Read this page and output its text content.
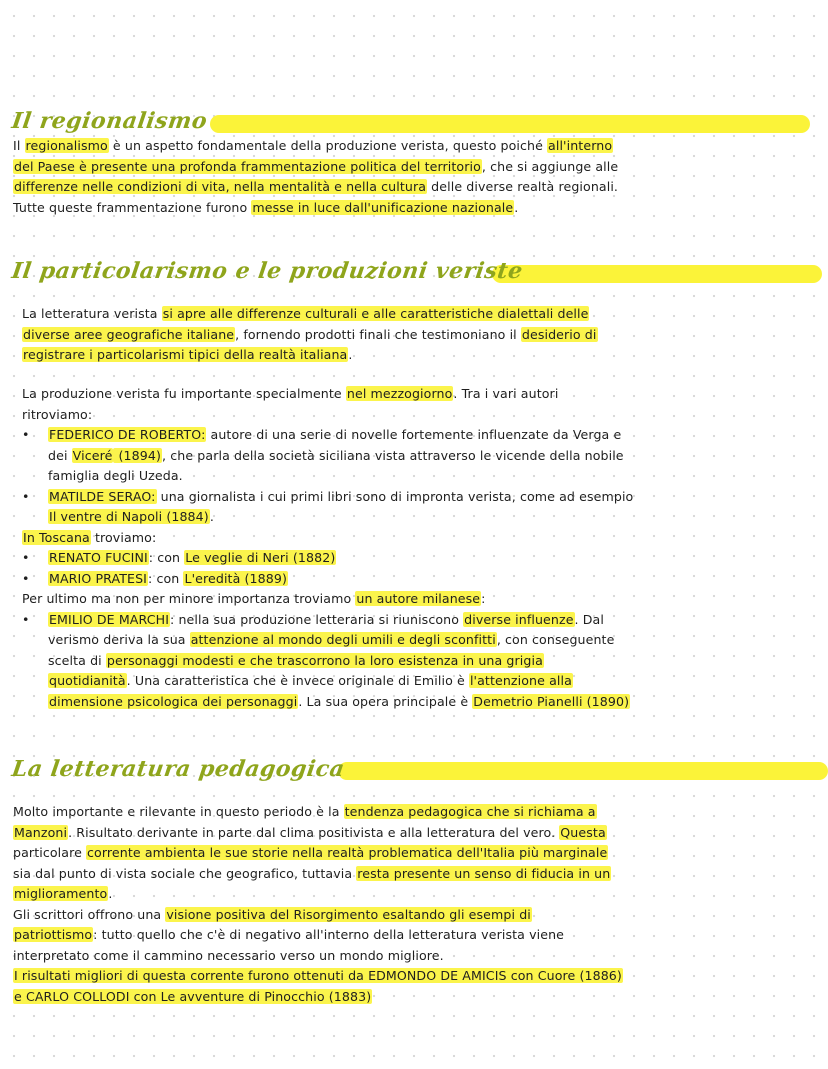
Il regionalismo
Il regionalismo è un aspetto fondamentale della produzione verista, questo poiché all'interno
del Paese è presente una profonda frammentazione politica del territorio, che si aggiunge alle
differenze nelle condizioni di vita, nella mentalità e nella cultura delle diverse realtà regionali.
Tutte queste frammentazione furono messe in luce dall'unificazione nazionale.
Il particolarismo e le produzioni veriste
La letteratura verista si apre alle differenze culturali e alle caratteristiche dialettali delle
diverse aree geografiche italiane, fornendo prodotti finali che testimoniano il desiderio di
registrare i particolarismi tipici della realtà italiana.
La produzione verista fu importante specialmente nel mezzogiorno. Tra i vari autori
ritroviamo:
• FEDERICO DE ROBERTO: autore di una serie di novelle fortemente influenzate da Verga e
dei Viceré (1894), che parla della società siciliana vista attraverso le vicende della nobile
famiglia degli Uzeda.
• MATILDE SERAO: una giornalista i cui primi libri sono di impronta verista, come ad esempio
Il ventre di Napoli (1884).
In Toscana troviamo:
• RENATO FUCINI: con Le veglie di Neri (1882)
• MARIO PRATESI: con L'eredità (1889)
Per ultimo ma non per minore importanza troviamo un autore milanese:
• EMILIO DE MARCHI: nella sua produzione letteraria si riuniscono diverse influenze. Dal
verismo deriva la sua attenzione al mondo degli umili e degli sconfitti, con conseguente
scelta di personaggi modesti e che trascorrono la loro esistenza in una grigia
quotidianità. Una caratteristica che è invece originale di Emilio è l'attenzione alla
dimensione psicologica dei personaggi. La sua opera principale è Demetrio Pianelli (1890)
La letteratura pedagogica
Molto importante e rilevante in questo periodo è la tendenza pedagogica che si richiama a
Manzoni. Risultato derivante in parte dal clima positivista e alla letteratura del vero. Questa
particolare corrente ambienta le sue storie nella realtà problematica dell'Italia più marginale
sia dal punto di vista sociale che geografico, tuttavia resta presente un senso di fiducia in un
miglioramento.
Gli scrittori offrono una visione positiva del Risorgimento esaltando gli esempi di
patriottismo: tutto quello che c'è di negativo all'interno della letteratura verista viene
interpretato come il cammino necessario verso un mondo migliore.
I risultati migliori di questa corrente furono ottenuti da EDMONDO DE AMICIS con Cuore (1886)
e CARLO COLLODI con Le avventure di Pinocchio (1883)
